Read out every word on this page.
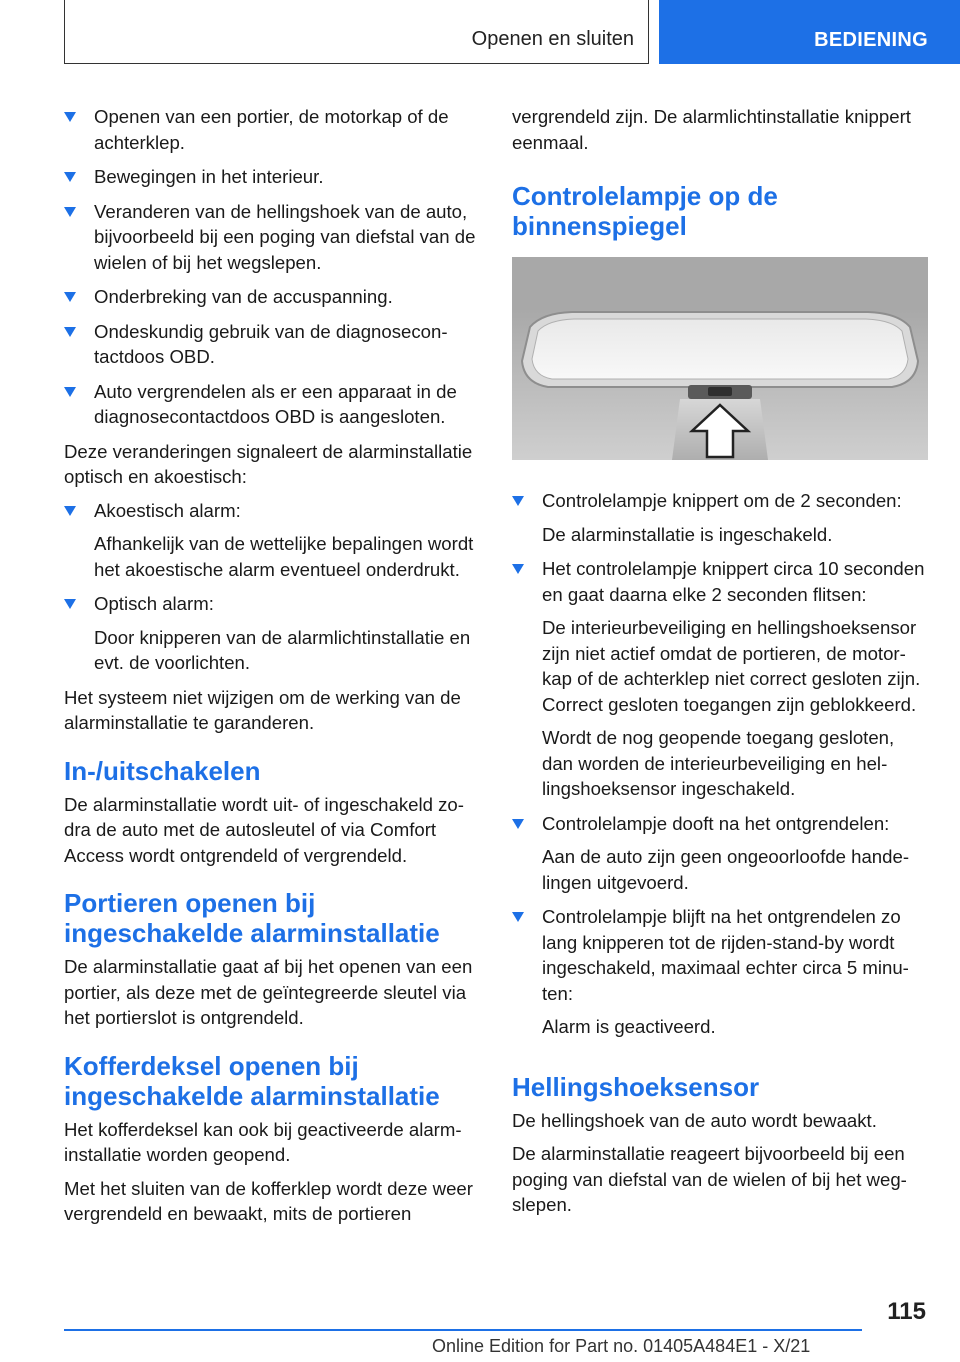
Openen en sluiten	BEDIENING
Openen van een portier, de motorkap of de achterklep.
Bewegingen in het interieur.
Veranderen van de hellingshoek van de auto, bijvoorbeeld bij een poging van diefstal van de wielen of bij het wegslepen.
Onderbreking van de accuspanning.
Ondeskundig gebruik van de diagnosecontactdoos OBD.
Auto vergrendelen als er een apparaat in de diagnosecontactdoos OBD is aangesloten.

Deze veranderingen signaleert de alarminstallatie optisch en akoestisch:

Akoestisch alarm:
Afhankelijk van de wettelijke bepalingen wordt het akoestische alarm eventueel onderdrukt.
Optisch alarm:
Door knipperen van de alarmlichtinstallatie en evt. de voorlichten.

Het systeem niet wijzigen om de werking van de alarminstallatie te garanderen.

In-/uitschakelen

De alarminstallatie wordt uit- of ingeschakeld zodra de auto met de autosleutel of via Comfort Access wordt ontgrendeld of vergrendeld.

Portieren openen bij ingeschakelde alarminstallatie

De alarminstallatie gaat af bij het openen van een portier, als deze met de geïntegreerde sleutel via het portierslot is ontgrendeld.

Kofferdeksel openen bij ingeschakelde alarminstallatie

Het kofferdeksel kan ook bij geactiveerde alarminstallatie worden geopend.

Met het sluiten van de kofferklep wordt deze weer vergrendeld en bewaakt, mits de portieren

vergrendeld zijn. De alarmlichtinstallatie knippert eenmaal.

Controlelampje op de binnenspiegel
Controlelampje knippert om de 2 seconden:
De alarminstallatie is ingeschakeld.
Het controlelampje knippert circa 10 seconden en gaat daarna elke 2 seconden flitsen:
De interieurbeveiliging en hellingshoeksensor zijn niet actief omdat de portieren, de motorkap of de achterklep niet correct gesloten zijn. Correct gesloten toegangen zijn geblokkeerd.
Wordt de nog geopende toegang gesloten, dan worden de interieurbeveiliging en hellingshoeksensor ingeschakeld.
Controlelampje dooft na het ontgrendelen:
Aan de auto zijn geen ongeoorloofde handelingen uitgevoerd.
Controlelampje blijft na het ontgrendelen zo lang knipperen tot de rijden-stand-by wordt ingeschakeld, maximaal echter circa 5 minuten:
Alarm is geactiveerd.
Hellingshoeksensor

De hellingshoek van de auto wordt bewaakt.

De alarminstallatie reageert bijvoorbeeld bij een poging van diefstal van de wielen of bij het wegslepen.

115
Online Edition for Part no. 01405A484E1 - X/21
